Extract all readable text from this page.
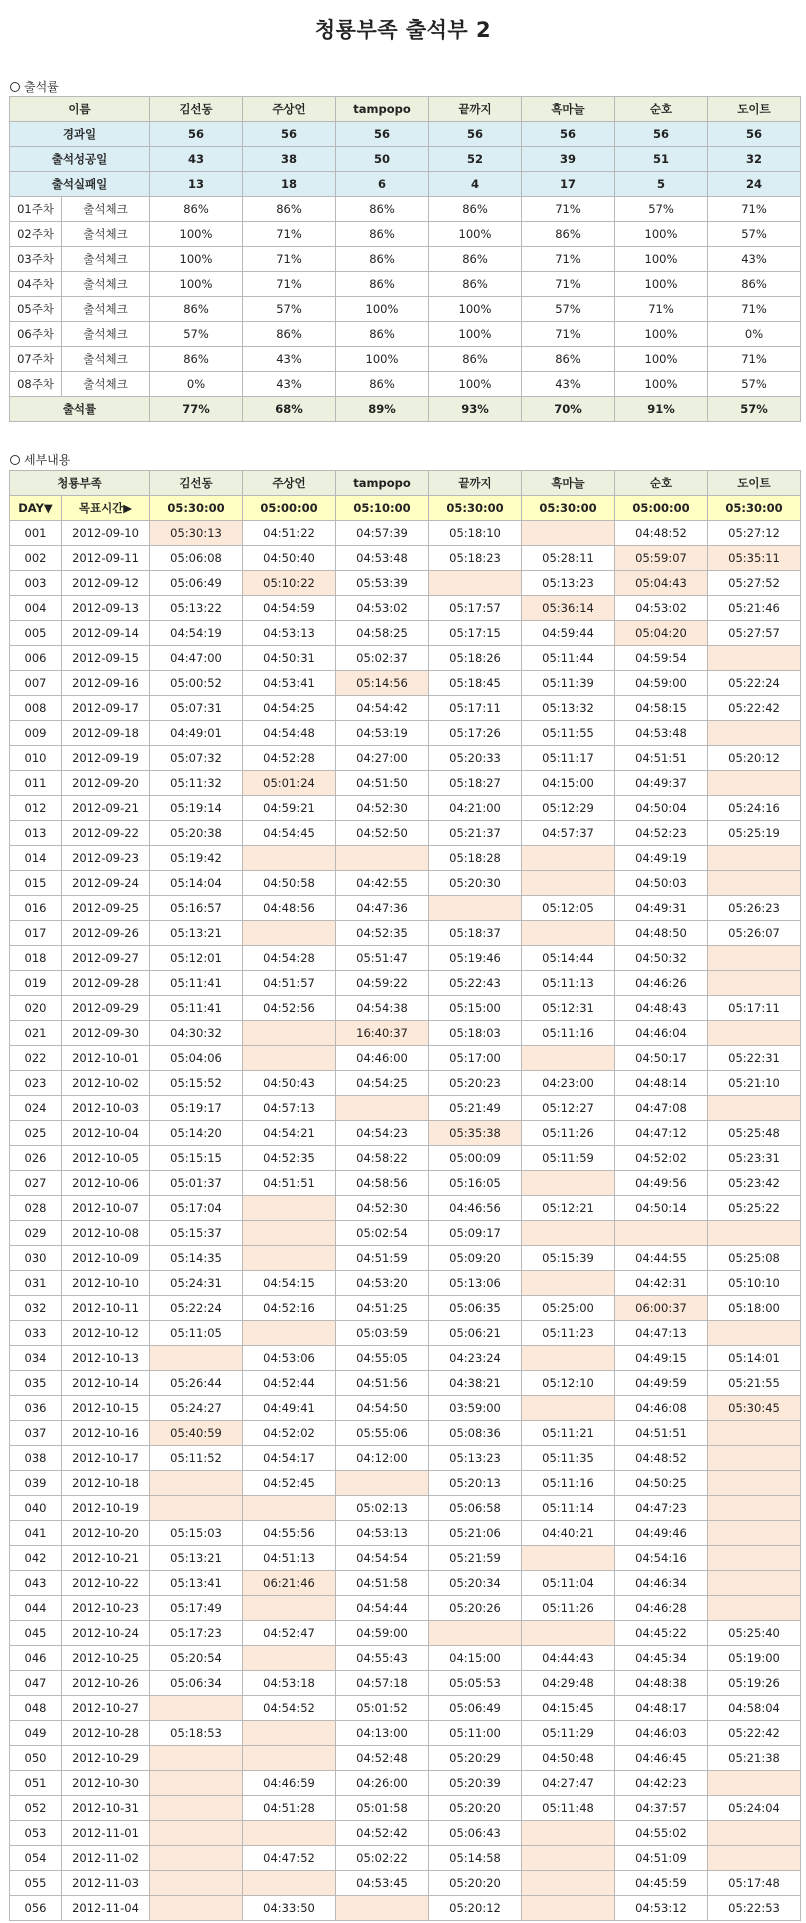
청룡부족 출석부 2
출석률
이름		김선동	주상언	tampopo	끝까지	흑마늘	순호	도이트
경과일		56	56	56	56	56	56	56
출석성공일		43	38	50	52	39	51	32
출석실패일		13	18	6	4	17	5	24
01주차	출석체크	86%	86%	86%	86%	71%	57%	71%
02주차	출석체크	100%	71%	86%	100%	86%	100%	57%
03주차	출석체크	100%	71%	86%	86%	71%	100%	43%
04주차	출석체크	100%	71%	86%	86%	71%	100%	86%
05주차	출석체크	86%	57%	100%	100%	57%	71%	71%
06주차	출석체크	57%	86%	86%	100%	71%	100%	0%
07주차	출석체크	86%	43%	100%	86%	86%	100%	71%
08주차	출석체크	0%	43%	86%	100%	43%	100%	57%
출석률		77%	68%	89%	93%	70%	91%	57%
세부내용
청룡부족		김선동	주상언	tampopo	끝까지	흑마늘	순호	도이트
DAY▼	목표시간▶	05:30:00	05:00:00	05:10:00	05:30:00	05:30:00	05:00:00	05:30:00
001	2012-09-10	05:30:13	04:51:22	04:57:39	05:18:10		04:48:52	05:27:12
002	2012-09-11	05:06:08	04:50:40	04:53:48	05:18:23	05:28:11	05:59:07	05:35:11
003	2012-09-12	05:06:49	05:10:22	05:53:39		05:13:23	05:04:43	05:27:52
004	2012-09-13	05:13:22	04:54:59	04:53:02	05:17:57	05:36:14	04:53:02	05:21:46
005	2012-09-14	04:54:19	04:53:13	04:58:25	05:17:15	04:59:44	05:04:20	05:27:57
006	2012-09-15	04:47:00	04:50:31	05:02:37	05:18:26	05:11:44	04:59:54	
007	2012-09-16	05:00:52	04:53:41	05:14:56	05:18:45	05:11:39	04:59:00	05:22:24
008	2012-09-17	05:07:31	04:54:25	04:54:42	05:17:11	05:13:32	04:58:15	05:22:42
009	2012-09-18	04:49:01	04:54:48	04:53:19	05:17:26	05:11:55	04:53:48	
010	2012-09-19	05:07:32	04:52:28	04:27:00	05:20:33	05:11:17	04:51:51	05:20:12
011	2012-09-20	05:11:32	05:01:24	04:51:50	05:18:27	04:15:00	04:49:37	
012	2012-09-21	05:19:14	04:59:21	04:52:30	04:21:00	05:12:29	04:50:04	05:24:16
013	2012-09-22	05:20:38	04:54:45	04:52:50	05:21:37	04:57:37	04:52:23	05:25:19
014	2012-09-23	05:19:42			05:18:28		04:49:19	
015	2012-09-24	05:14:04	04:50:58	04:42:55	05:20:30		04:50:03	
016	2012-09-25	05:16:57	04:48:56	04:47:36		05:12:05	04:49:31	05:26:23
017	2012-09-26	05:13:21		04:52:35	05:18:37		04:48:50	05:26:07
018	2012-09-27	05:12:01	04:54:28	05:51:47	05:19:46	05:14:44	04:50:32	
019	2012-09-28	05:11:41	04:51:57	04:59:22	05:22:43	05:11:13	04:46:26	
020	2012-09-29	05:11:41	04:52:56	04:54:38	05:15:00	05:12:31	04:48:43	05:17:11
021	2012-09-30	04:30:32		16:40:37	05:18:03	05:11:16	04:46:04	
022	2012-10-01	05:04:06		04:46:00	05:17:00		04:50:17	05:22:31
023	2012-10-02	05:15:52	04:50:43	04:54:25	05:20:23	04:23:00	04:48:14	05:21:10
024	2012-10-03	05:19:17	04:57:13		05:21:49	05:12:27	04:47:08	
025	2012-10-04	05:14:20	04:54:21	04:54:23	05:35:38	05:11:26	04:47:12	05:25:48
026	2012-10-05	05:15:15	04:52:35	04:58:22	05:00:09	05:11:59	04:52:02	05:23:31
027	2012-10-06	05:01:37	04:51:51	04:58:56	05:16:05		04:49:56	05:23:42
028	2012-10-07	05:17:04		04:52:30	04:46:56	05:12:21	04:50:14	05:25:22
029	2012-10-08	05:15:37		05:02:54	05:09:17			
030	2012-10-09	05:14:35		04:51:59	05:09:20	05:15:39	04:44:55	05:25:08
031	2012-10-10	05:24:31	04:54:15	04:53:20	05:13:06		04:42:31	05:10:10
032	2012-10-11	05:22:24	04:52:16	04:51:25	05:06:35	05:25:00	06:00:37	05:18:00
033	2012-10-12	05:11:05		05:03:59	05:06:21	05:11:23	04:47:13	
034	2012-10-13		04:53:06	04:55:05	04:23:24		04:49:15	05:14:01
035	2012-10-14	05:26:44	04:52:44	04:51:56	04:38:21	05:12:10	04:49:59	05:21:55
036	2012-10-15	05:24:27	04:49:41	04:54:50	03:59:00		04:46:08	05:30:45
037	2012-10-16	05:40:59	04:52:02	05:55:06	05:08:36	05:11:21	04:51:51	
038	2012-10-17	05:11:52	04:54:17	04:12:00	05:13:23	05:11:35	04:48:52	
039	2012-10-18		04:52:45		05:20:13	05:11:16	04:50:25	
040	2012-10-19			05:02:13	05:06:58	05:11:14	04:47:23	
041	2012-10-20	05:15:03	04:55:56	04:53:13	05:21:06	04:40:21	04:49:46	
042	2012-10-21	05:13:21	04:51:13	04:54:54	05:21:59		04:54:16	
043	2012-10-22	05:13:41	06:21:46	04:51:58	05:20:34	05:11:04	04:46:34	
044	2012-10-23	05:17:49		04:54:44	05:20:26	05:11:26	04:46:28	
045	2012-10-24	05:17:23	04:52:47	04:59:00			04:45:22	05:25:40
046	2012-10-25	05:20:54		04:55:43	04:15:00	04:44:43	04:45:34	05:19:00
047	2012-10-26	05:06:34	04:53:18	04:57:18	05:05:53	04:29:48	04:48:38	05:19:26
048	2012-10-27		04:54:52	05:01:52	05:06:49	04:15:45	04:48:17	04:58:04
049	2012-10-28	05:18:53		04:13:00	05:11:00	05:11:29	04:46:03	05:22:42
050	2012-10-29			04:52:48	05:20:29	04:50:48	04:46:45	05:21:38
051	2012-10-30		04:46:59	04:26:00	05:20:39	04:27:47	04:42:23	
052	2012-10-31		04:51:28	05:01:58	05:20:20	05:11:48	04:37:57	05:24:04
053	2012-11-01			04:52:42	05:06:43		04:55:02	
054	2012-11-02		04:47:52	05:02:22	05:14:58		04:51:09	
055	2012-11-03			04:53:45	05:20:20		04:45:59	05:17:48
056	2012-11-04		04:33:50		05:20:12		04:53:12	05:22:53
